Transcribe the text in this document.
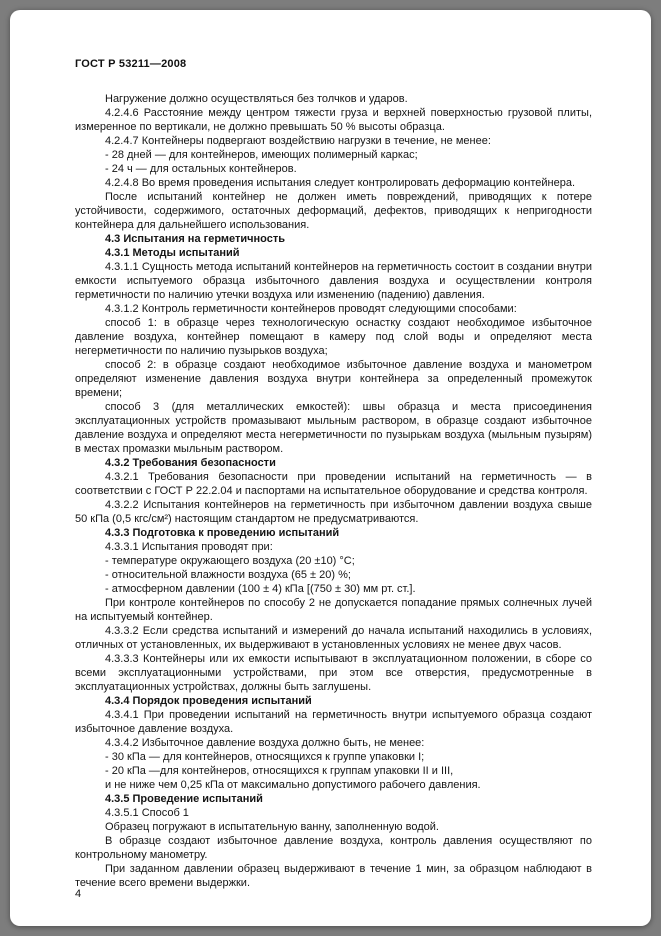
ГОСТ Р 53211—2008

Нагружение должно осуществляться без толчков и ударов.

4.2.4.6 Расстояние между центром тяжести груза и верхней поверхностью грузовой плиты, измеренное по вертикали, не должно превышать 50 % высоты образца.

4.2.4.7 Контейнеры подвергают воздействию нагрузки в течение, не менее:

- 28 дней — для контейнеров, имеющих полимерный каркас;

- 24 ч — для остальных контейнеров.

4.2.4.8 Во время проведения испытания следует контролировать деформацию контейнера.

После испытаний контейнер не должен иметь повреждений, приводящих к потере устойчивости, содержимого, остаточных деформаций, дефектов, приводящих к непригодности контейнера для дальнейшего использования.

4.3 Испытания на герметичность

4.3.1 Методы испытаний

4.3.1.1 Сущность метода испытаний контейнеров на герметичность состоит в создании внутри емкости испытуемого образца избыточного давления воздуха и осуществлении контроля герметичности по наличию утечки воздуха или изменению (падению) давления.

4.3.1.2 Контроль герметичности контейнеров проводят следующими способами:

способ 1: в образце через технологическую оснастку создают необходимое избыточное давление воздуха, контейнер помещают в камеру под слой воды и определяют места негерметичности по наличию пузырьков воздуха;

способ 2: в образце создают необходимое избыточное давление воздуха и манометром определяют изменение давления воздуха внутри контейнера за определенный промежуток времени;

способ 3 (для металлических емкостей): швы образца и места присоединения эксплуатационных устройств промазывают мыльным раствором, в образце создают избыточное давление воздуха и определяют места негерметичности по пузырькам воздуха (мыльным пузырям) в местах промазки мыльным раствором.

4.3.2 Требования безопасности

4.3.2.1 Требования безопасности при проведении испытаний на герметичность — в соответствии с ГОСТ Р 22.2.04 и паспортами на испытательное оборудование и средства контроля.

4.3.2.2 Испытания контейнеров на герметичность при избыточном давлении воздуха свыше 50 кПа (0,5 кгс/см²) настоящим стандартом не предусматриваются.

4.3.3 Подготовка к проведению испытаний

4.3.3.1 Испытания проводят при:

- температуре окружающего воздуха (20 ±10) °С;

- относительной влажности воздуха (65 ± 20) %;

- атмосферном давлении (100 ± 4) кПа [(750 ± 30) мм рт. ст.].

При контроле контейнеров по способу 2 не допускается попадание прямых солнечных лучей на испытуемый контейнер.

4.3.3.2 Если средства испытаний и измерений до начала испытаний находились в условиях, отличных от установленных, их выдерживают в установленных условиях не менее двух часов.

4.3.3.3 Контейнеры или их емкости испытывают в эксплуатационном положении, в сборе со всеми эксплуатационными устройствами, при этом все отверстия, предусмотренные в эксплуатационных устройствах, должны быть заглушены.

4.3.4 Порядок проведения испытаний

4.3.4.1 При проведении испытаний на герметичность внутри испытуемого образца создают избыточное давление воздуха.

4.3.4.2 Избыточное давление воздуха должно быть, не менее:

- 30 кПа — для контейнеров, относящихся к группе упаковки I;

- 20 кПа —для контейнеров, относящихся к группам упаковки II и III,

и не ниже чем 0,25 кПа от максимально допустимого рабочего давления.

4.3.5 Проведение испытаний

4.3.5.1 Способ 1

Образец погружают в испытательную ванну, заполненную водой.

В образце создают избыточное давление воздуха, контроль давления осуществляют по контрольному манометру.

При заданном давлении образец выдерживают в течение 1 мин, за образцом наблюдают в течение всего времени выдержки.

4
